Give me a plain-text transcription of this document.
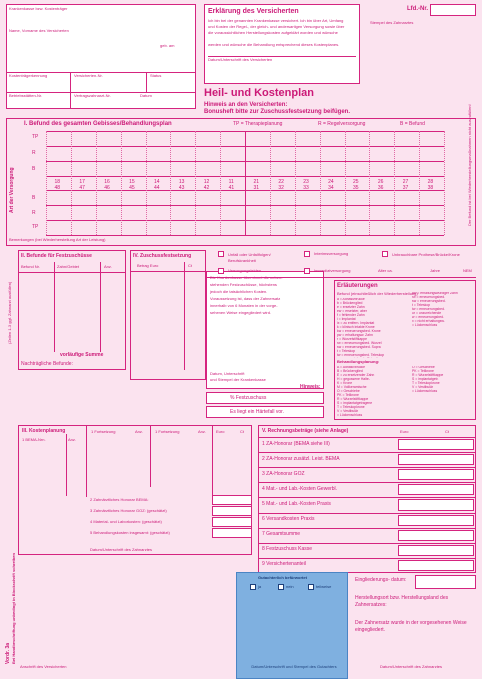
Krankenkasse bzw. Kostenträger
Name, Vorname des Versicherten
geb. am
Kostenträgerkennung	Versicherten-Nr.	Status
Betriebsstätten-Nr.	Vertragszahnarzt-Nr.	Datum
Erklärung des Versicherten
Ich bin bei der genannten Krankenkasse versichert. Ich bin über Art, Umfang
und Kosten der Regel-, der gleich- und andersartigen Versorgung sowie über
die voraussichtlichen Herstellungskosten aufgeklärt worden und wünsche
werden und wünsche die Behandlung entsprechend dieses Kostenplanes.
Datum/Unterschrift des Versicherten
Lfd.-Nr.
Stempel des Zahnarztes
Heil- und Kostenplan
Hinweis an den Versicherten:
Bonusheft bitte zur Zuschussfestsetzung beifügen.
I. Befund des gesamten Gebisses/Behandlungsplan	TP = Therapieplanung	R = Regelversorgung	B = Befund
Art der Versorgung	Der Befund ist bei Wiederherstellungsmaßnahmen nicht auszufüllen!
TP
R
B
B
R
TP
18	17	16	15	14	13	12	11	21	22	23	24	25	26	27	28
48	47	46	45	44	43	42	41	31	32	33	34	35	36	37	38
Bemerkungen (bei Wiederherstellung Art der Leistung)
II. Befunde für Festzuschüsse
Befund Nr.	Zahn/Gebiet	Anz.
(Zeilen 1-3 ggf. Zahnarzt ausfüllen)
vorläufige Summe
Nachträgliche Befunde:
IV. Zuschussfestsetzung
Betrag Euro	Ct
Die Krankenkasse übernimmt die neben-
stehenden Festzuschüsse, höchstens
jedoch die tatsächlichen Kosten.
Voraussetzung ist, dass der Zahnersatz
innerhalb von 6 Monaten in der vorge-
sehenen Weise eingegliedert wird.
Datum, Unterschrift
und Stempel der Krankenkasse
Hinweis:
% Festzuschuss
Es liegt ein Härtefall vor.
Unfall oder Unfallfolgen/ Berufskrankheit
Interimsversorgung	Unbrauchbare Prothese/Brücke/Krone
Versorgungsleiden	Immediatversorgung	Alter ca.	Jahre	NEM
Erläuterungen
Befund (einschließlich der Wiederherstellung)
a = Adhäsivbrücke
b = Brückenglied
e = ersetzter Zahn
ew = ersetzter, aber
f = fehlender Zahn
i = Implantat
ix = zu entfern. Implantat
k = klinisch intakte Krone
kw = erneuerungsbed. Krone
pw = erhaltungsw. Zahn
r = Wurzelstiftkappe
rw = erneuerungsbed. Wurzel
sw = erneuerungsbed. Supra
t = Teleskop
tw = erneuerungsbed. Teleskop
pw = erhaltungswürdiger Zahn
rw = erneuerungsbed.
sw = erneuerungsbed.
t = Teleskop
tw = erneuerungsbed.
ur = unzureichende
w = erneuerungsbed.
x = nicht erhaltungsw.
= Lückenschluss
Behandlungsplanung:
A = Adhäsivbrücke
B = Brückenglied
E = zu ersetzender Zahn
H = gegossene Halte-
K = Krone
M = Vollkeramische
O = Geschiebe
PK = Teilkrone
R = Wurzelstiftkappe
S = implantatgetragene
T = Teleskopkrone
V = Vestibulär
= Lückenschluss
O = Geschiebe
PK = Teilkrone
R = Wurzelstiftkappe
S = implantatgetr.
T = Teleskopkrone
V = Vestibulär
= Lückenschluss
III. Kostenplanung
1 BEMA-Nrn.	Anz.
1 Fortsetzung	Anz.	1 Fortsetzung	Anz. Euro	Ct
2 Zahnärztliches Honorar BEMA:
3 Zahnärztliches Honorar GOZ: (geschätzt)
4 Material- und Laborkosten: (geschätzt)
5 Behandlungskosten insgesamt: (geschätzt)
Datum/Unterschrift des Zahnarztes
Vordr. 3a Bei Handbeschriftung unbedingt in Blockschrift schreiben
Anschrift des Versicherten
V. Rechnungsbeträge (siehe Anlage)	Euro	Ct
1 ZA-Honorar (BEMA siehe III)
2 ZA-Honorar zusätzl. Leist. BEMA
3 ZA-Honorar GOZ
4 Mat.- und Lab.-Kosten Gewerbl.
5 Mat.- und Lab.-Kosten Praxis
6 Versandkosten Praxis
7 Gesamtsumme
8 Festzuschuss Kasse
9 Versichertenanteil
Eingliederungs- datum:
Herstellungsort bzw. Herstellungsland des Zahnersatzes:
Der Zahnersatz wurde in der vorgesehenen Weise eingegliedert.
Datum/Unterschrift des Zahnarztes
Gutachterlich befürwortet
ja	nein	teilweise
Datum/Unterschrift und Stempel des Gutachters
